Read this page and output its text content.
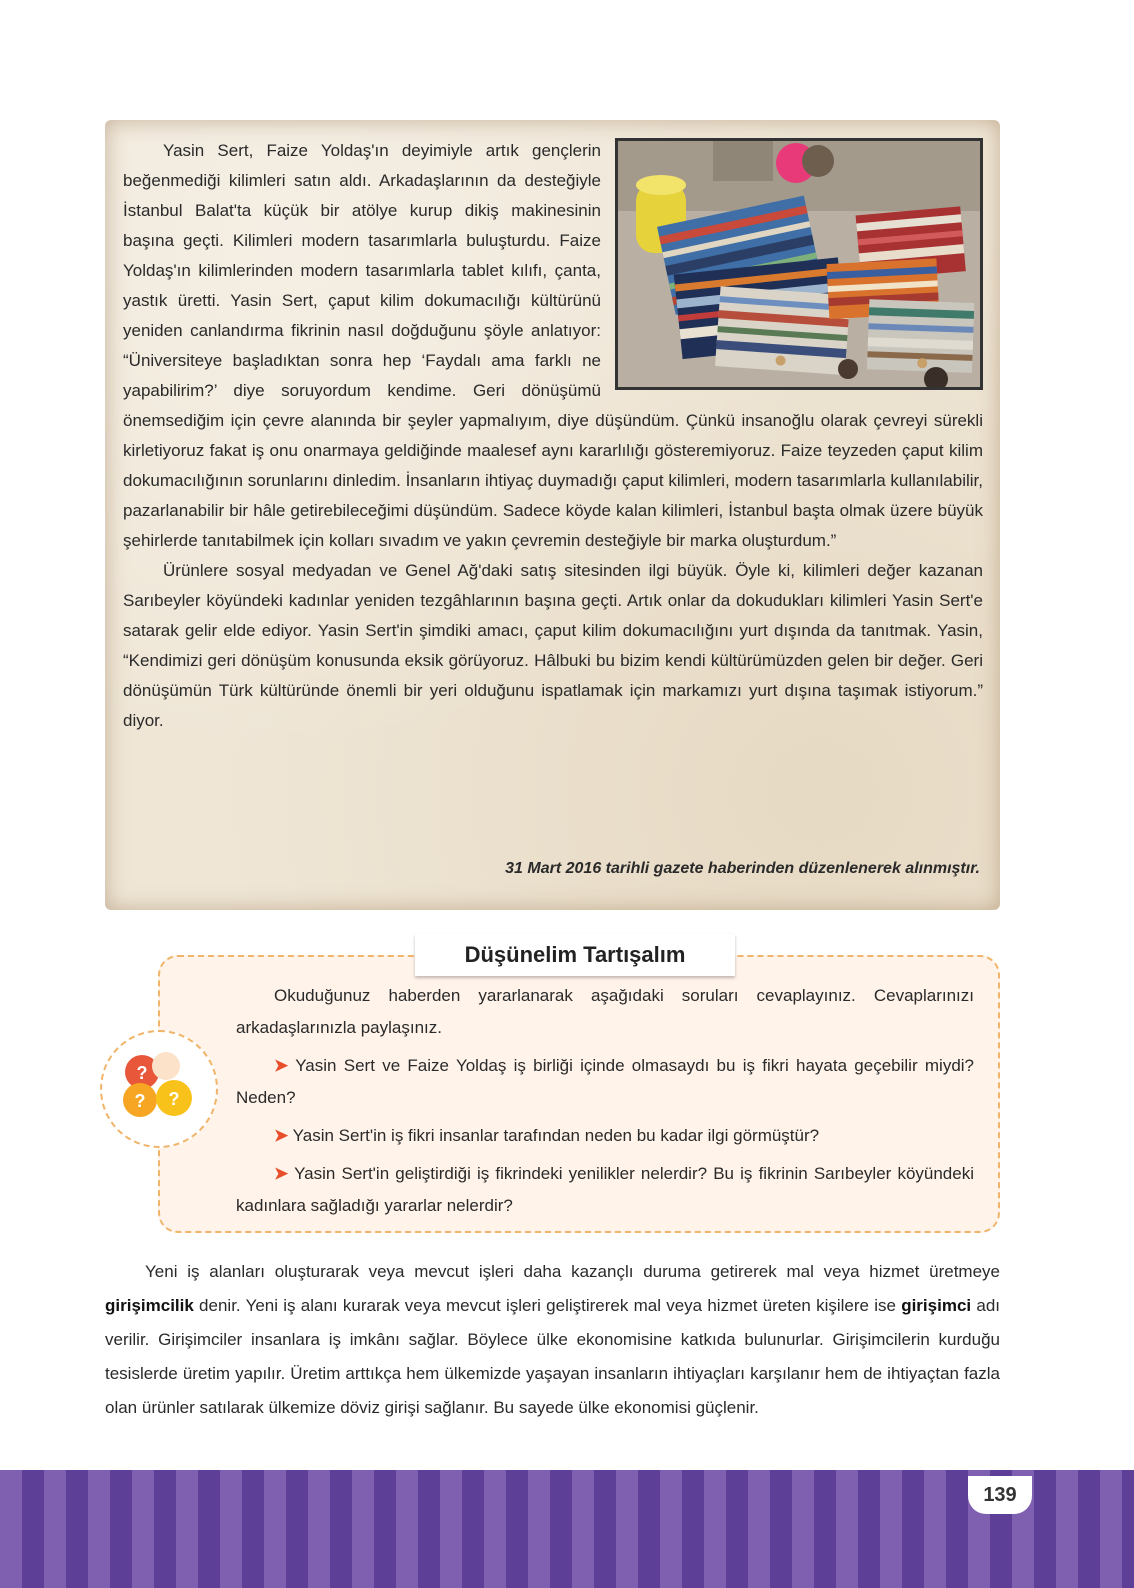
Yasin Sert, Faize Yoldaş'ın deyimiyle artık gençlerin beğenmediği kilimleri satın aldı. Arkadaşlarının da desteğiyle İstanbul Balat'ta küçük bir atölye kurup dikiş makinesinin başına geçti. Kilimleri modern tasarımlarla buluşturdu. Faize Yoldaş'ın kilimlerinden modern tasarımlarla tablet kılıfı, çanta, yastık üretti. Yasin Sert, çaput kilim dokumacılığı kültürünü yeniden canlandırma fikrinin nasıl doğduğunu şöyle anlatıyor: “Üniversiteye başladıktan sonra hep ‘Faydalı ama farklı ne yapabilirim?’ diye soruyordum kendime. Geri dönüşümü önemsediğim için çevre alanında bir şeyler yapmalıyım, diye düşündüm. Çünkü insanoğlu olarak çevreyi sürekli kirletiyoruz fakat iş onu onarmaya geldiğinde maalesef aynı kararlılığı gösteremiyoruz. Faize teyzeden çaput kilim dokumacılığının sorunlarını dinledim. İnsanların ihtiyaç duymadığı çaput kilimleri, modern tasarımlarla kullanılabilir, pazarlanabilir bir hâle getirebileceğimi düşündüm. Sadece köyde kalan kilimleri, İstanbul başta olmak üzere büyük şehirlerde tanıtabilmek için kolları sıvadım ve yakın çevremin desteğiyle bir marka oluşturdum.”

Ürünlere sosyal medyadan ve Genel Ağ'daki satış sitesinden ilgi büyük. Öyle ki, kilimleri değer kazanan Sarıbeyler köyündeki kadınlar yeniden tezgâhlarının başına geçti. Artık onlar da dokudukları kilimleri Yasin Sert'e satarak gelir elde ediyor. Yasin Sert'in şimdiki amacı, çaput kilim dokumacılığını yurt dışında da tanıtmak. Yasin, “Kendimizi geri dönüşüm konusunda eksik görüyoruz. Hâlbuki bu bizim kendi kültürümüzden gelen bir değer. Geri dönüşümün Türk kültüründe önemli bir yeri olduğunu ispatlamak için markamızı yurt dışına taşımak istiyorum.” diyor.

31 Mart 2016 tarihli gazete haberinden düzenlenerek alınmıştır.
Düşünelim Tartışalım
?
? ?

Okuduğunuz haberden yararlanarak aşağıdaki soruları cevaplayınız. Cevaplarınızı arkadaşlarınızla paylaşınız.

➤ Yasin Sert ve Faize Yoldaş iş birliği içinde olmasaydı bu iş fikri hayata geçebilir miydi? Neden?

➤ Yasin Sert'in iş fikri insanlar tarafından neden bu kadar ilgi görmüştür?

➤ Yasin Sert'in geliştirdiği iş fikrindeki yenilikler nelerdir? Bu iş fikrinin Sarıbeyler köyündeki kadınlara sağladığı yararlar nelerdir?

Yeni iş alanları oluşturarak veya mevcut işleri daha kazançlı duruma getirerek mal veya hizmet üretmeye girişimcilik denir. Yeni iş alanı kurarak veya mevcut işleri geliştirerek mal veya hizmet üreten kişilere ise girişimci adı verilir. Girişimciler insanlara iş imkânı sağlar. Böylece ülke ekonomisine katkıda bulunurlar. Girişimcilerin kurduğu tesislerde üretim yapılır. Üretim arttıkça hem ülkemizde yaşayan insanların ihtiyaçları karşılanır hem de ihtiyaçtan fazla olan ürünler satılarak ülkemize döviz girişi sağlanır. Bu sayede ülke ekonomisi güçlenir.

139
